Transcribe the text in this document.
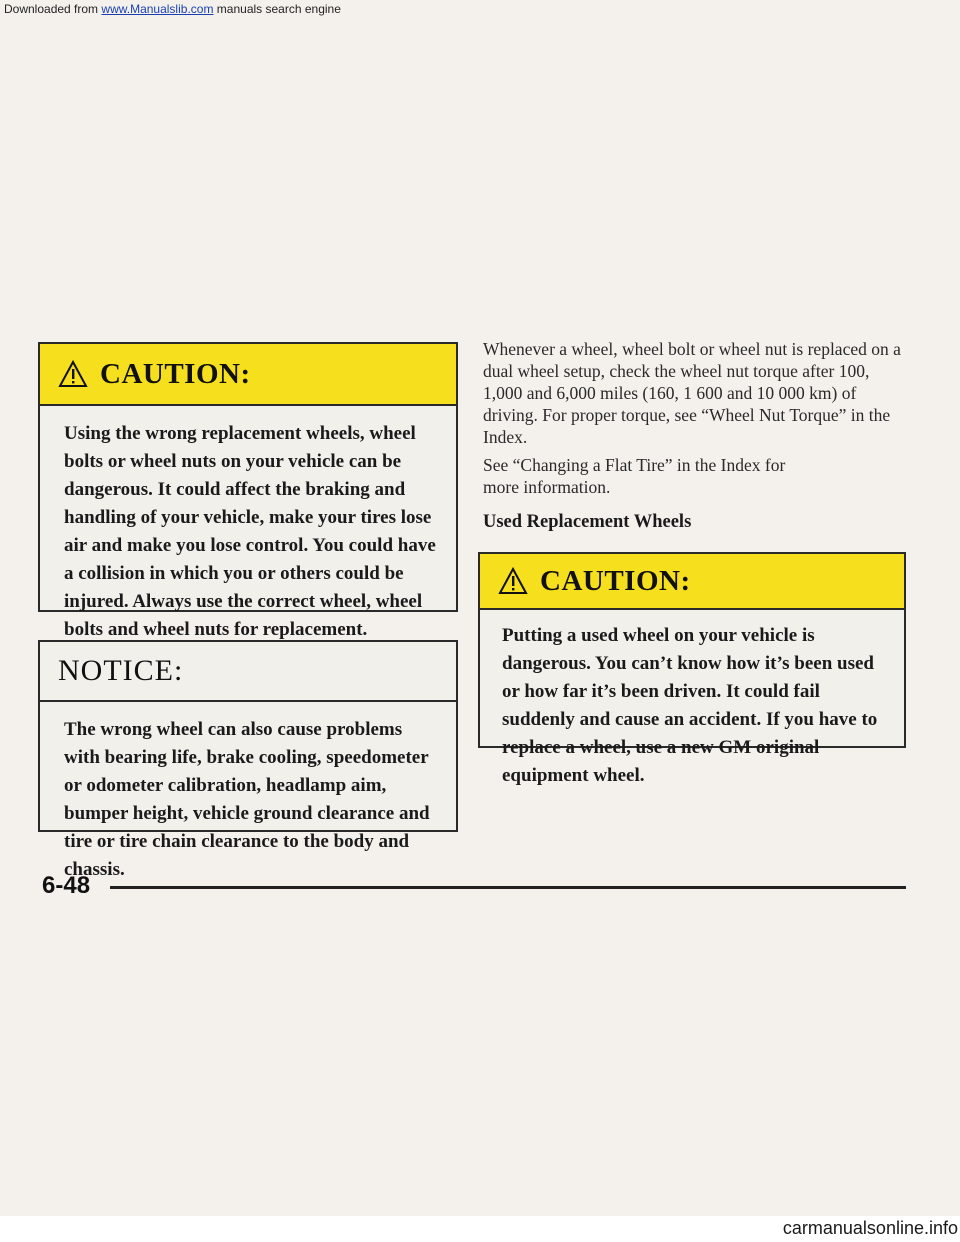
Downloaded from www.Manualslib.com manuals search engine
CAUTION:
Using the wrong replacement wheels, wheel bolts or wheel nuts on your vehicle can be dangerous. It could affect the braking and handling of your vehicle, make your tires lose air and make you lose control. You could have a collision in which you or others could be injured. Always use the correct wheel, wheel bolts and wheel nuts for replacement.
NOTICE:
The wrong wheel can also cause problems with bearing life, brake cooling, speedometer or odometer calibration, headlamp aim, bumper height, vehicle ground clearance and tire or tire chain clearance to the body and chassis.
Whenever a wheel, wheel bolt or wheel nut is replaced on a dual wheel setup, check the wheel nut torque after 100, 1,000 and 6,000 miles (160, 1 600 and 10 000 km) of driving. For proper torque, see “Wheel Nut Torque” in the Index.
See “Changing a Flat Tire” in the Index for more information.
Used Replacement Wheels
CAUTION:
Putting a used wheel on your vehicle is dangerous. You can’t know how it’s been used or how far it’s been driven. It could fail suddenly and cause an accident. If you have to replace a wheel, use a new GM original equipment wheel.
6-48
carmanualsonline.info
